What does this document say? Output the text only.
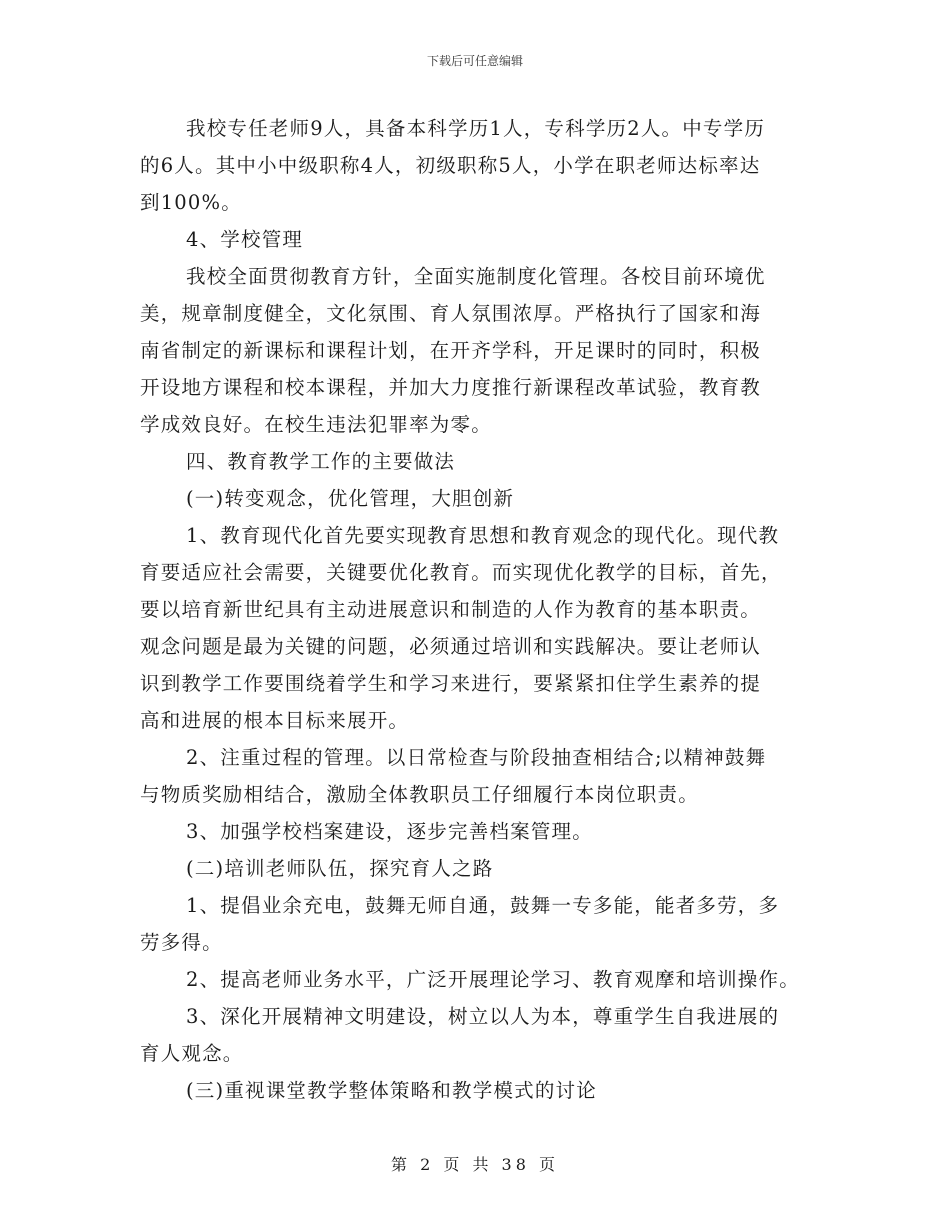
下载后可任意编辑
我校专任老师9人，具备本科学历1人，专科学历2人。中专学历
的6人。其中小中级职称4人，初级职称5人，小学在职老师达标率达
到100%。
4、学校管理
我校全面贯彻教育方针，全面实施制度化管理。各校目前环境优
美，规章制度健全，文化氛围、育人氛围浓厚。严格执行了国家和海
南省制定的新课标和课程计划，在开齐学科，开足课时的同时，积极
开设地方课程和校本课程，并加大力度推行新课程改革试验，教育教
学成效良好。在校生违法犯罪率为零。
四、教育教学工作的主要做法
(一)转变观念，优化管理，大胆创新
1、教育现代化首先要实现教育思想和教育观念的现代化。现代教
育要适应社会需要，关键要优化教育。而实现优化教学的目标，首先，
要以培育新世纪具有主动进展意识和制造的人作为教育的基本职责。
观念问题是最为关键的问题，必须通过培训和实践解决。要让老师认
识到教学工作要围绕着学生和学习来进行，要紧紧扣住学生素养的提
高和进展的根本目标来展开。
2、注重过程的管理。以日常检查与阶段抽查相结合;以精神鼓舞
与物质奖励相结合，激励全体教职员工仔细履行本岗位职责。
3、加强学校档案建设，逐步完善档案管理。
(二)培训老师队伍，探究育人之路
1、提倡业余充电，鼓舞无师自通，鼓舞一专多能，能者多劳，多
劳多得。
2、提高老师业务水平，广泛开展理论学习、教育观摩和培训操作。
3、深化开展精神文明建设，树立以人为本，尊重学生自我进展的
育人观念。
(三)重视课堂教学整体策略和教学模式的讨论
第 2 页 共 38 页
